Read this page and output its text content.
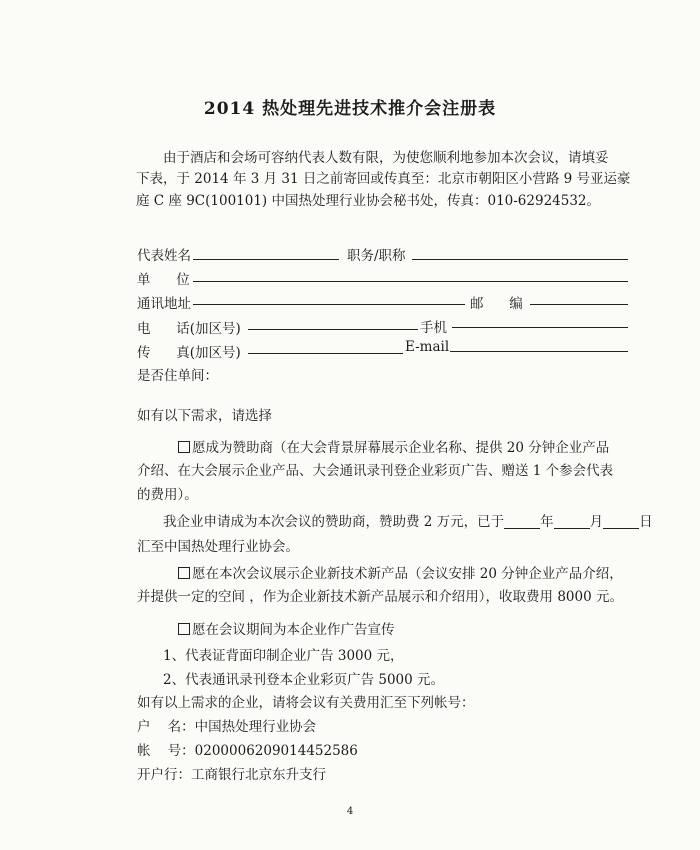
2014 热处理先进技术推介会注册表
由于酒店和会场可容纳代表人数有限，为使您顺利地参加本次会议，请填妥
下表，于 2014 年 3 月 31 日之前寄回或传真至：北京市朝阳区小营路 9 号亚运豪
庭 C 座 9C(100101) 中国热处理行业协会秘书处，传真：010-62924532。
代表姓名	职务/职称
单      位
通讯地址	邮      编
电      话(加区号)	手机
传      真(加区号)	E-mail
是否住单间：
如有以下需求，请选择
愿成为赞助商（在大会背景屏幕展示企业名称、提供 20 分钟企业产品
介绍、在大会展示企业产品、大会通讯录刊登企业彩页广告、赠送 1 个参会代表
的费用）。
我企业申请成为本次会议的赞助商，赞助费 2 万元，已于	年	月	日
汇至中国热处理行业协会。
愿在本次会议展示企业新技术新产品（会议安排 20 分钟企业产品介绍，
并提供一定的空间 ，作为企业新技术新产品展示和介绍用），收取费用 8000 元。
愿在会议期间为本企业作广告宣传
1、代表证背面印制企业广告 3000 元，
2、代表通讯录刊登本企业彩页广告 5000 元。
如有以上需求的企业，请将会议有关费用汇至下列帐号：
户    名：中国热处理行业协会
帐    号：0200006209014452586
开户行：工商银行北京东升支行
4
